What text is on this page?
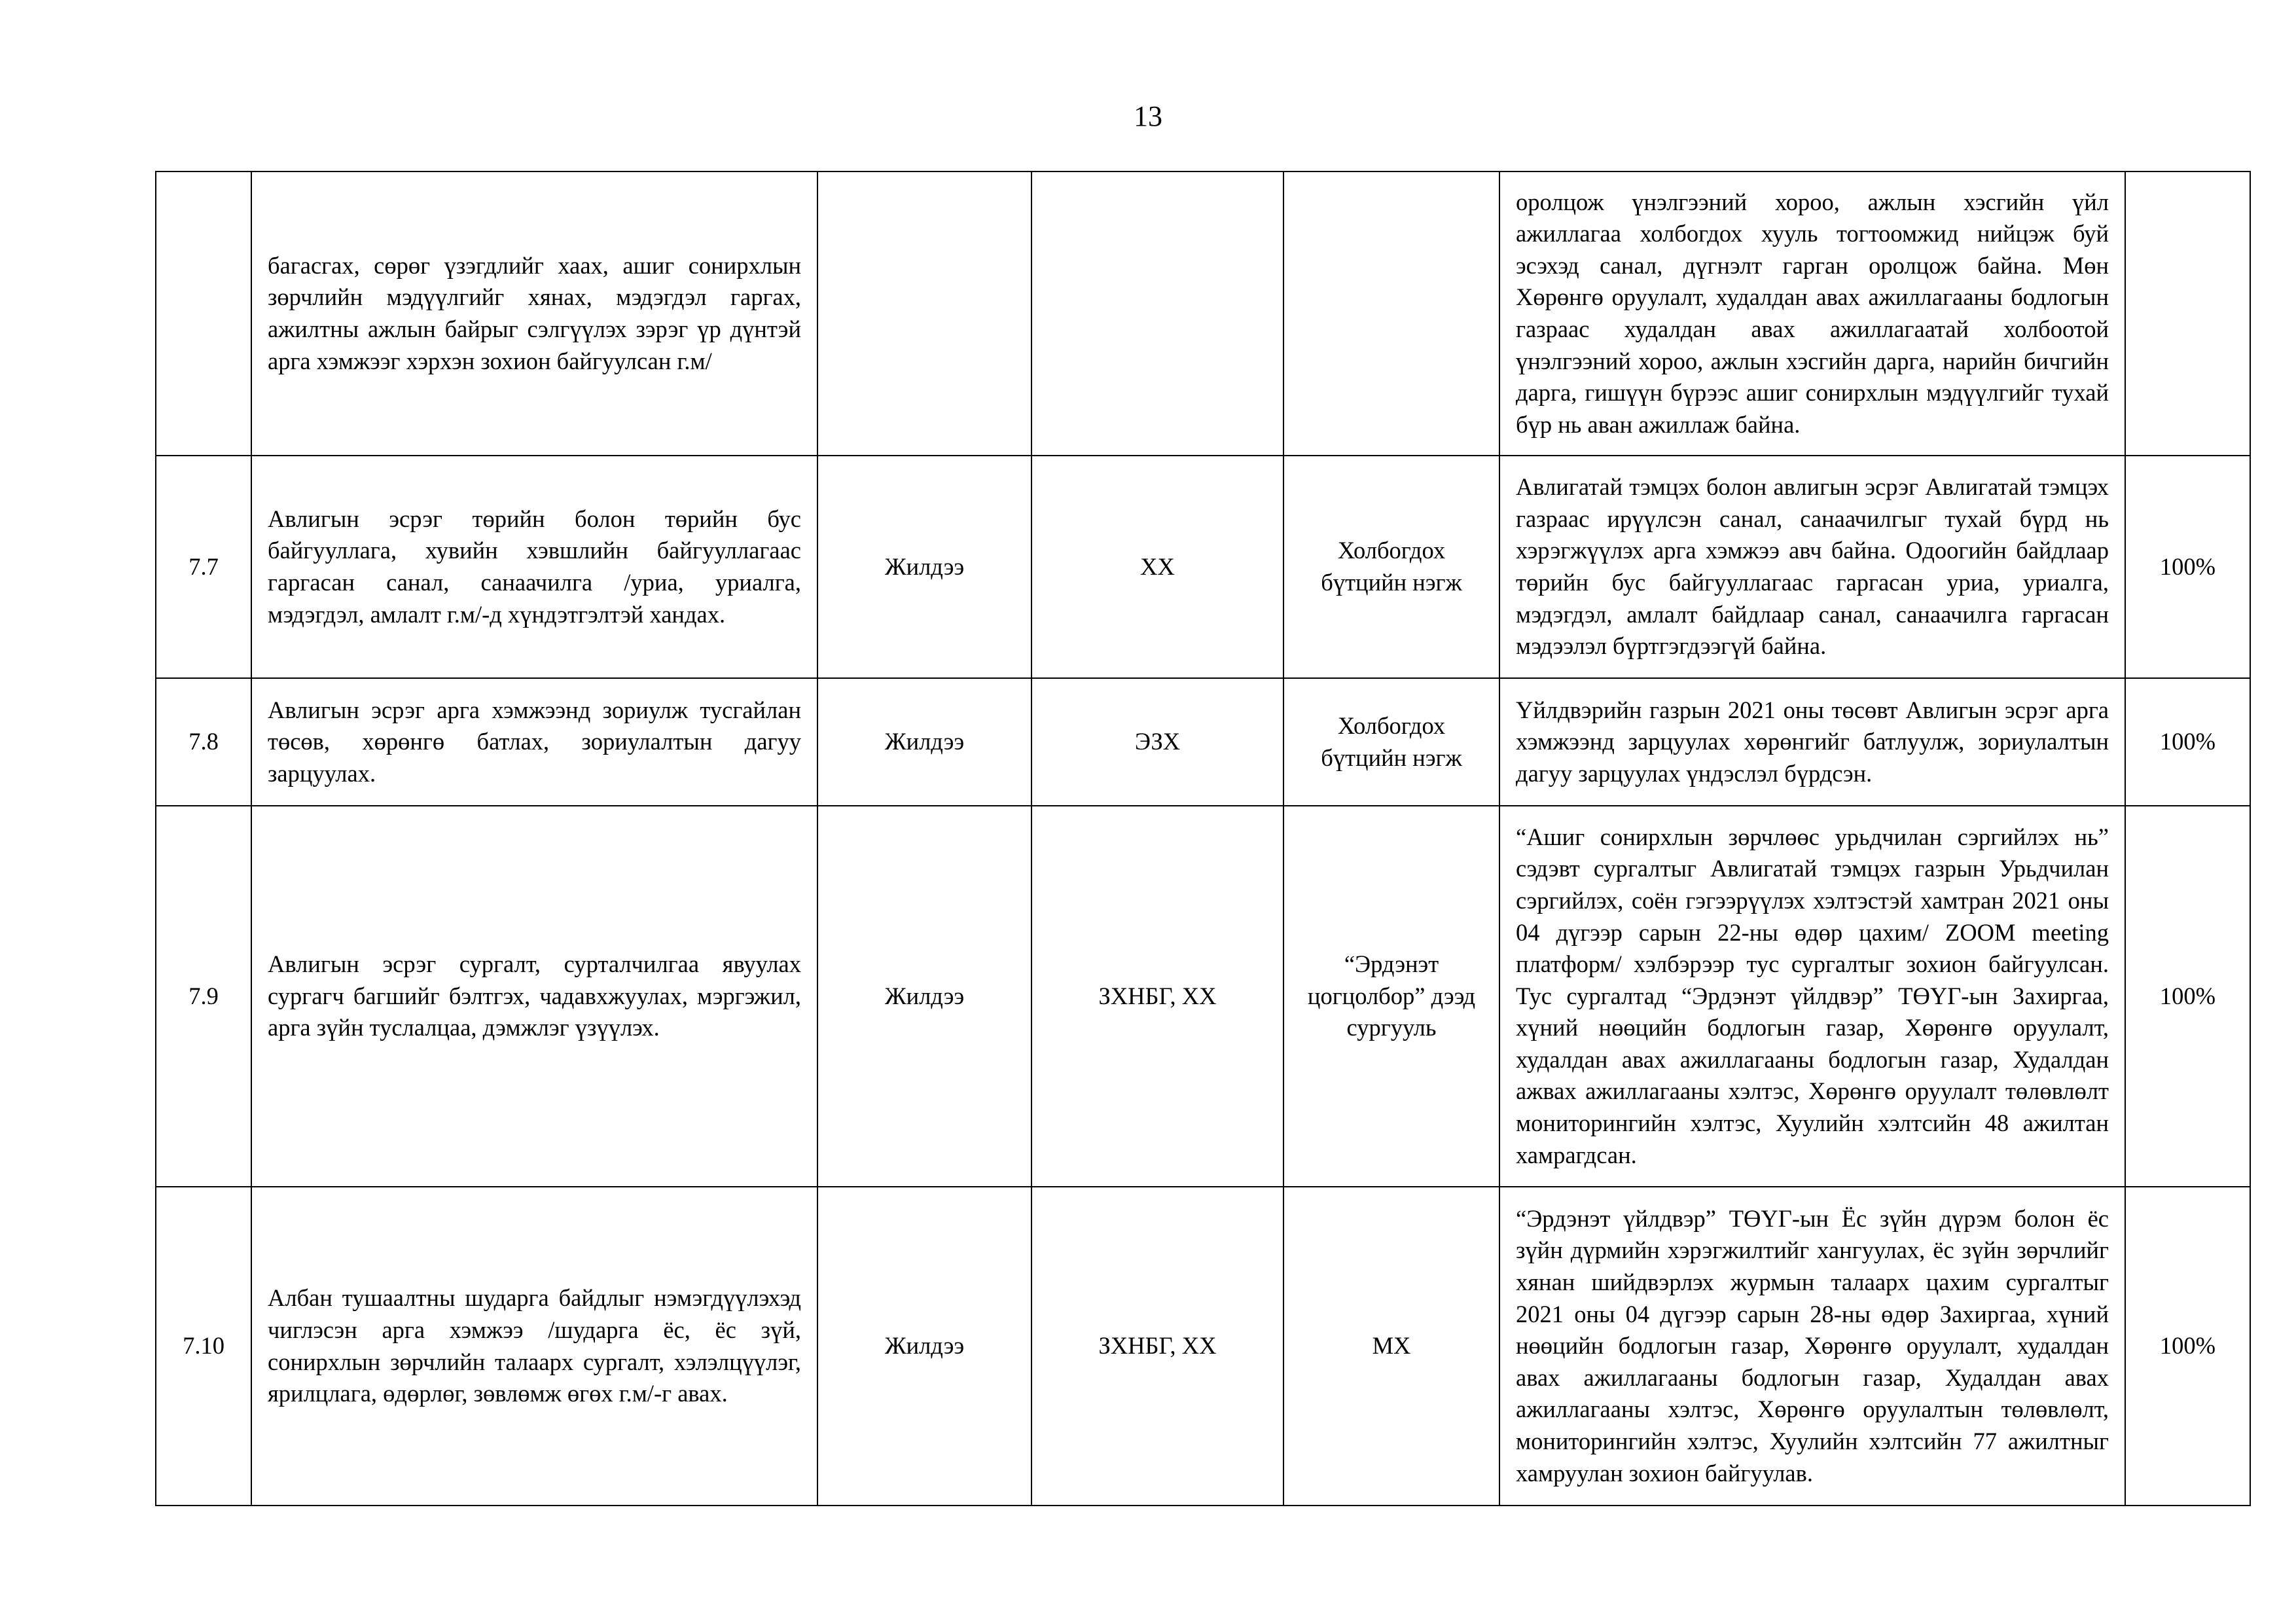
13
	багасгах, сөрөг үзэгдлийг хаах, ашиг сонирхлын зөрчлийн мэдүүлгийг хянах, мэдэгдэл гаргах, ажилтны ажлын байрыг сэлгүүлэх зэрэг үр дүнтэй арга хэмжээг хэрхэн зохион байгуулсан г.м/				оролцож үнэлгээний хороо, ажлын хэсгийн үйл ажиллагаа холбогдох хууль тогтоомжид нийцэж буй эсэхэд санал, дүгнэлт гарган оролцож байна. Мөн Хөрөнгө оруулалт, худалдан авах ажиллагааны бодлогын газраас худалдан авах ажиллагаатай холбоотой үнэлгээний хороо, ажлын хэсгийн дарга, нарийн бичгийн дарга, гишүүн бүрээс ашиг сонирхлын мэдүүлгийг тухай бүр нь аван ажиллаж байна.	
7.7	Авлигын эсрэг төрийн болон төрийн бус байгууллага, хувийн хэвшлийн байгууллагаас гаргасан санал, санаачилга /уриа, уриалга, мэдэгдэл, амлалт г.м/-д хүндэтгэлтэй хандах.	Жилдээ	ХХ	Холбогдох бүтцийн нэгж	Авлигатай тэмцэх болон авлигын эсрэг Авлигатай тэмцэх газраас ирүүлсэн санал, санаачилгыг тухай бүрд нь хэрэгжүүлэх арга хэмжээ авч байна. Одоогийн байдлаар төрийн бус байгууллагаас гаргасан уриа, уриалга, мэдэгдэл, амлалт байдлаар санал, санаачилга гаргасан мэдээлэл бүртгэгдээгүй байна.	100%
7.8	Авлигын эсрэг арга хэмжээнд зориулж тусгайлан төсөв, хөрөнгө батлах, зориулалтын дагуу зарцуулах.	Жилдээ	ЭЗХ	Холбогдох бүтцийн нэгж	Үйлдвэрийн газрын 2021 оны төсөвт Авлигын эсрэг арга хэмжээнд зарцуулах хөрөнгийг батлуулж, зориулалтын дагуу зарцуулах үндэслэл бүрдсэн.	100%
7.9	Авлигын эсрэг сургалт, сурталчилгаа явуулах сургагч багшийг бэлтгэх, чадавхжуулах, мэргэжил, арга зүйн туслалцаа, дэмжлэг үзүүлэх.	Жилдээ	ЗХНБГ, ХХ	“Эрдэнэт цогцолбор” дээд сургууль	“Ашиг сонирхлын зөрчлөөс урьдчилан сэргийлэх нь” сэдэвт сургалтыг Авлигатай тэмцэх газрын Урьдчилан сэргийлэх, соён гэгээрүүлэх хэлтэстэй хамтран 2021 оны 04 дүгээр сарын 22-ны өдөр цахим/ ZOOM meeting платформ/ хэлбэрээр тус сургалтыг зохион байгуулсан. Тус сургалтад “Эрдэнэт үйлдвэр” ТӨҮГ-ын Захиргаа, хүний нөөцийн бодлогын газар, Хөрөнгө оруулалт, худалдан авах ажиллагааны бодлогын газар, Худалдан ажвах ажиллагааны хэлтэс, Хөрөнгө оруулалт төлөвлөлт мониторингийн хэлтэс, Хуулийн хэлтсийн 48 ажилтан хамрагдсан.	100%
7.10	Албан тушаалтны шударга байдлыг нэмэгдүүлэхэд чиглэсэн арга хэмжээ /шударга ёс, ёс зүй, сонирхлын зөрчлийн талаарх сургалт, хэлэлцүүлэг, ярилцлага, өдөрлөг, зөвлөмж өгөх г.м/-г авах.	Жилдээ	ЗХНБГ, ХХ	МХ	“Эрдэнэт үйлдвэр” ТӨҮГ-ын Ёс зүйн дүрэм болон ёс зүйн дүрмийн хэрэгжилтийг хангуулах, ёс зүйн зөрчлийг хянан шийдвэрлэх журмын талаарх цахим сургалтыг 2021 оны 04 дүгээр сарын 28-ны өдөр Захиргаа, хүний нөөцийн бодлогын газар, Хөрөнгө оруулалт, худалдан авах ажиллагааны бодлогын газар, Худалдан авах ажиллагааны хэлтэс, Хөрөнгө оруулалтын төлөвлөлт, мониторингийн хэлтэс, Хуулийн хэлтсийн 77 ажилтныг хамруулан зохион байгуулав.	100%
